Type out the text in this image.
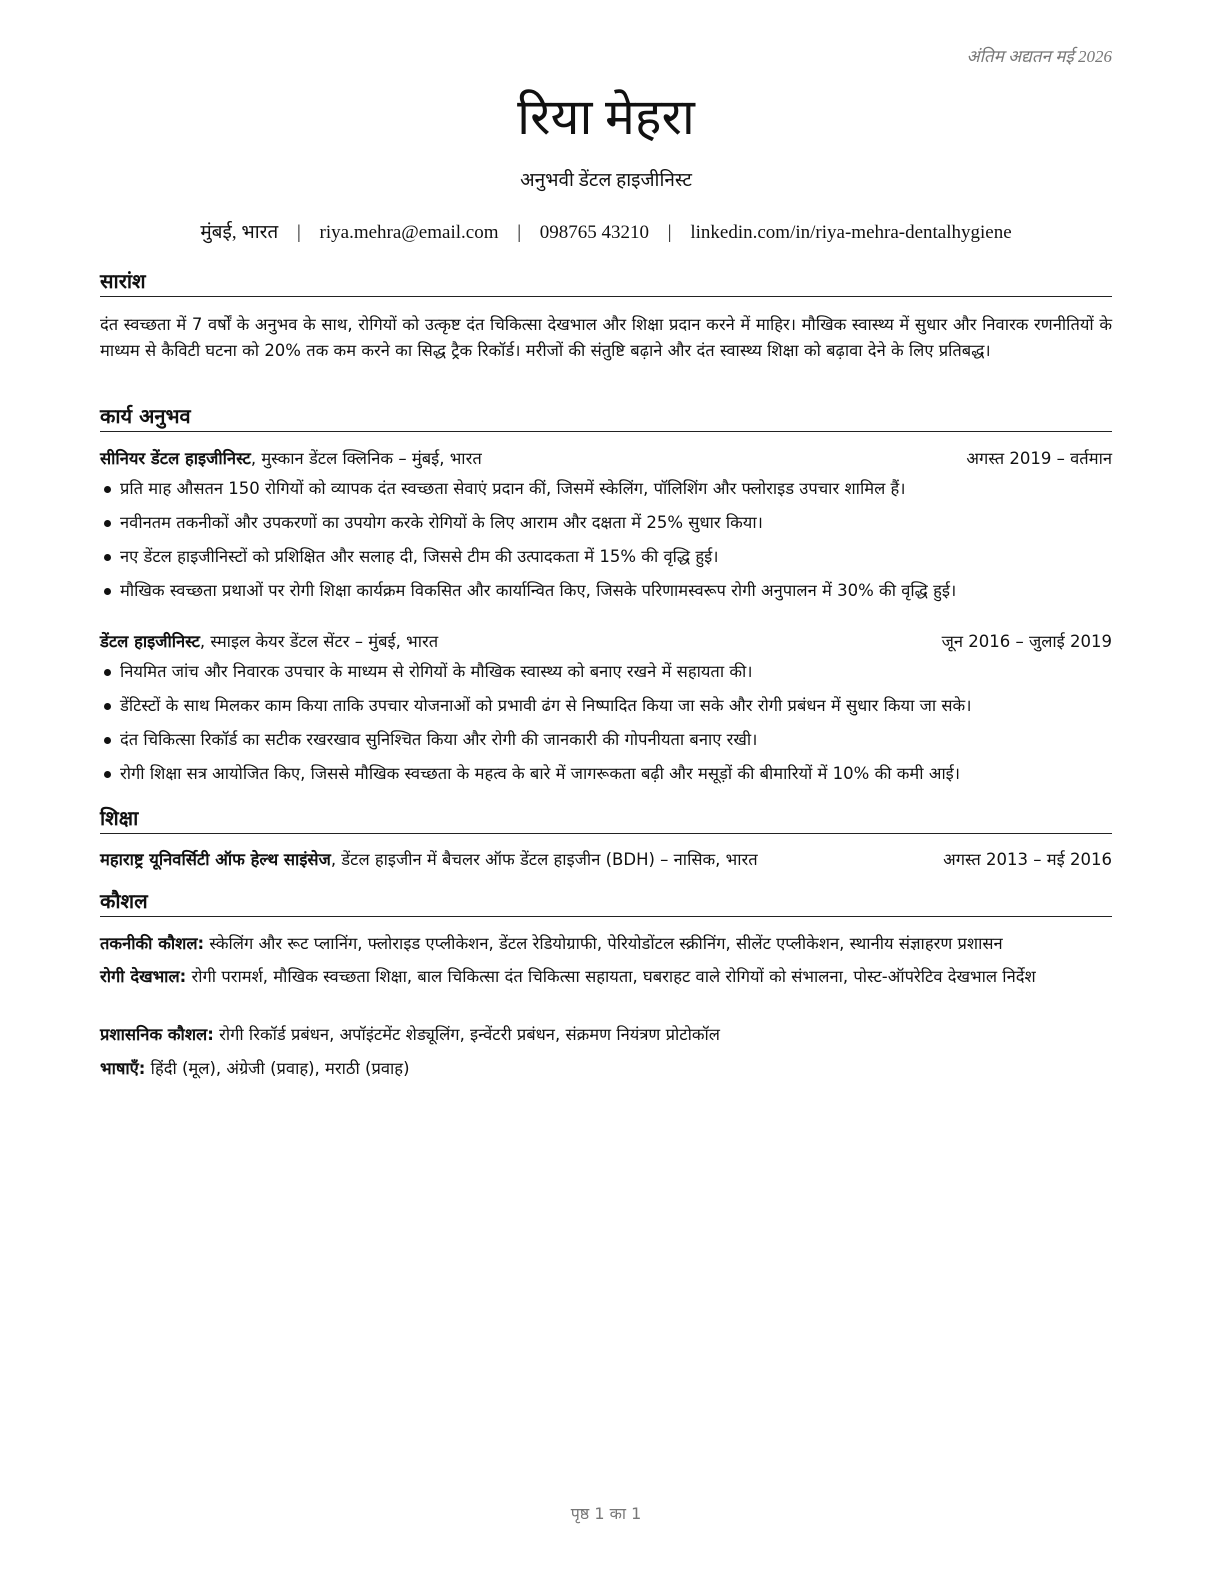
अंतिम अद्यतन मई 2026
रिया मेहरा
अनुभवी डेंटल हाइजीनिस्ट
मुंबई, भारत | riya.mehra@email.com | 098765 43210 | linkedin.com/in/riya-mehra-dentalhygiene
सारांश
दंत स्वच्छता में 7 वर्षों के अनुभव के साथ, रोगियों को उत्कृष्ट दंत चिकित्सा देखभाल और शिक्षा प्रदान करने में माहिर। मौखिक स्वास्थ्य में सुधार और निवारक रणनीतियों के माध्यम से कैविटी घटना को 20% तक कम करने का सिद्ध ट्रैक रिकॉर्ड। मरीजों की संतुष्टि बढ़ाने और दंत स्वास्थ्य शिक्षा को बढ़ावा देने के लिए प्रतिबद्ध।
कार्य अनुभव
सीनियर डेंटल हाइजीनिस्ट, मुस्कान डेंटल क्लिनिक – मुंबई, भारत	अगस्त 2019 – वर्तमान
प्रति माह औसतन 150 रोगियों को व्यापक दंत स्वच्छता सेवाएं प्रदान कीं, जिसमें स्केलिंग, पॉलिशिंग और फ्लोराइड उपचार शामिल हैं।
नवीनतम तकनीकों और उपकरणों का उपयोग करके रोगियों के लिए आराम और दक्षता में 25% सुधार किया।
नए डेंटल हाइजीनिस्टों को प्रशिक्षित और सलाह दी, जिससे टीम की उत्पादकता में 15% की वृद्धि हुई।
मौखिक स्वच्छता प्रथाओं पर रोगी शिक्षा कार्यक्रम विकसित और कार्यान्वित किए, जिसके परिणामस्वरूप रोगी अनुपालन में 30% की वृद्धि हुई।
डेंटल हाइजीनिस्ट, स्माइल केयर डेंटल सेंटर – मुंबई, भारत	जून 2016 – जुलाई 2019
नियमित जांच और निवारक उपचार के माध्यम से रोगियों के मौखिक स्वास्थ्य को बनाए रखने में सहायता की।
डेंटिस्टों के साथ मिलकर काम किया ताकि उपचार योजनाओं को प्रभावी ढंग से निष्पादित किया जा सके और रोगी प्रबंधन में सुधार किया जा सके।
दंत चिकित्सा रिकॉर्ड का सटीक रखरखाव सुनिश्चित किया और रोगी की जानकारी की गोपनीयता बनाए रखी।
रोगी शिक्षा सत्र आयोजित किए, जिससे मौखिक स्वच्छता के महत्व के बारे में जागरूकता बढ़ी और मसूड़ों की बीमारियों में 10% की कमी आई।
शिक्षा
महाराष्ट्र यूनिवर्सिटी ऑफ हेल्थ साइंसेज, डेंटल हाइजीन में बैचलर ऑफ डेंटल हाइजीन (BDH) – नासिक, भारत	अगस्त 2013 – मई 2016
कौशल
तकनीकी कौशल: स्केलिंग और रूट प्लानिंग, फ्लोराइड एप्लीकेशन, डेंटल रेडियोग्राफी, पेरियोडोंटल स्क्रीनिंग, सीलेंट एप्लीकेशन, स्थानीय संज्ञाहरण प्रशासन
रोगी देखभाल: रोगी परामर्श, मौखिक स्वच्छता शिक्षा, बाल चिकित्सा दंत चिकित्सा सहायता, घबराहट वाले रोगियों को संभालना, पोस्ट-ऑपरेटिव देखभाल निर्देश
प्रशासनिक कौशल: रोगी रिकॉर्ड प्रबंधन, अपॉइंटमेंट शेड्यूलिंग, इन्वेंटरी प्रबंधन, संक्रमण नियंत्रण प्रोटोकॉल
भाषाएँ: हिंदी (मूल), अंग्रेजी (प्रवाह), मराठी (प्रवाह)
पृष्ठ 1 का 1
